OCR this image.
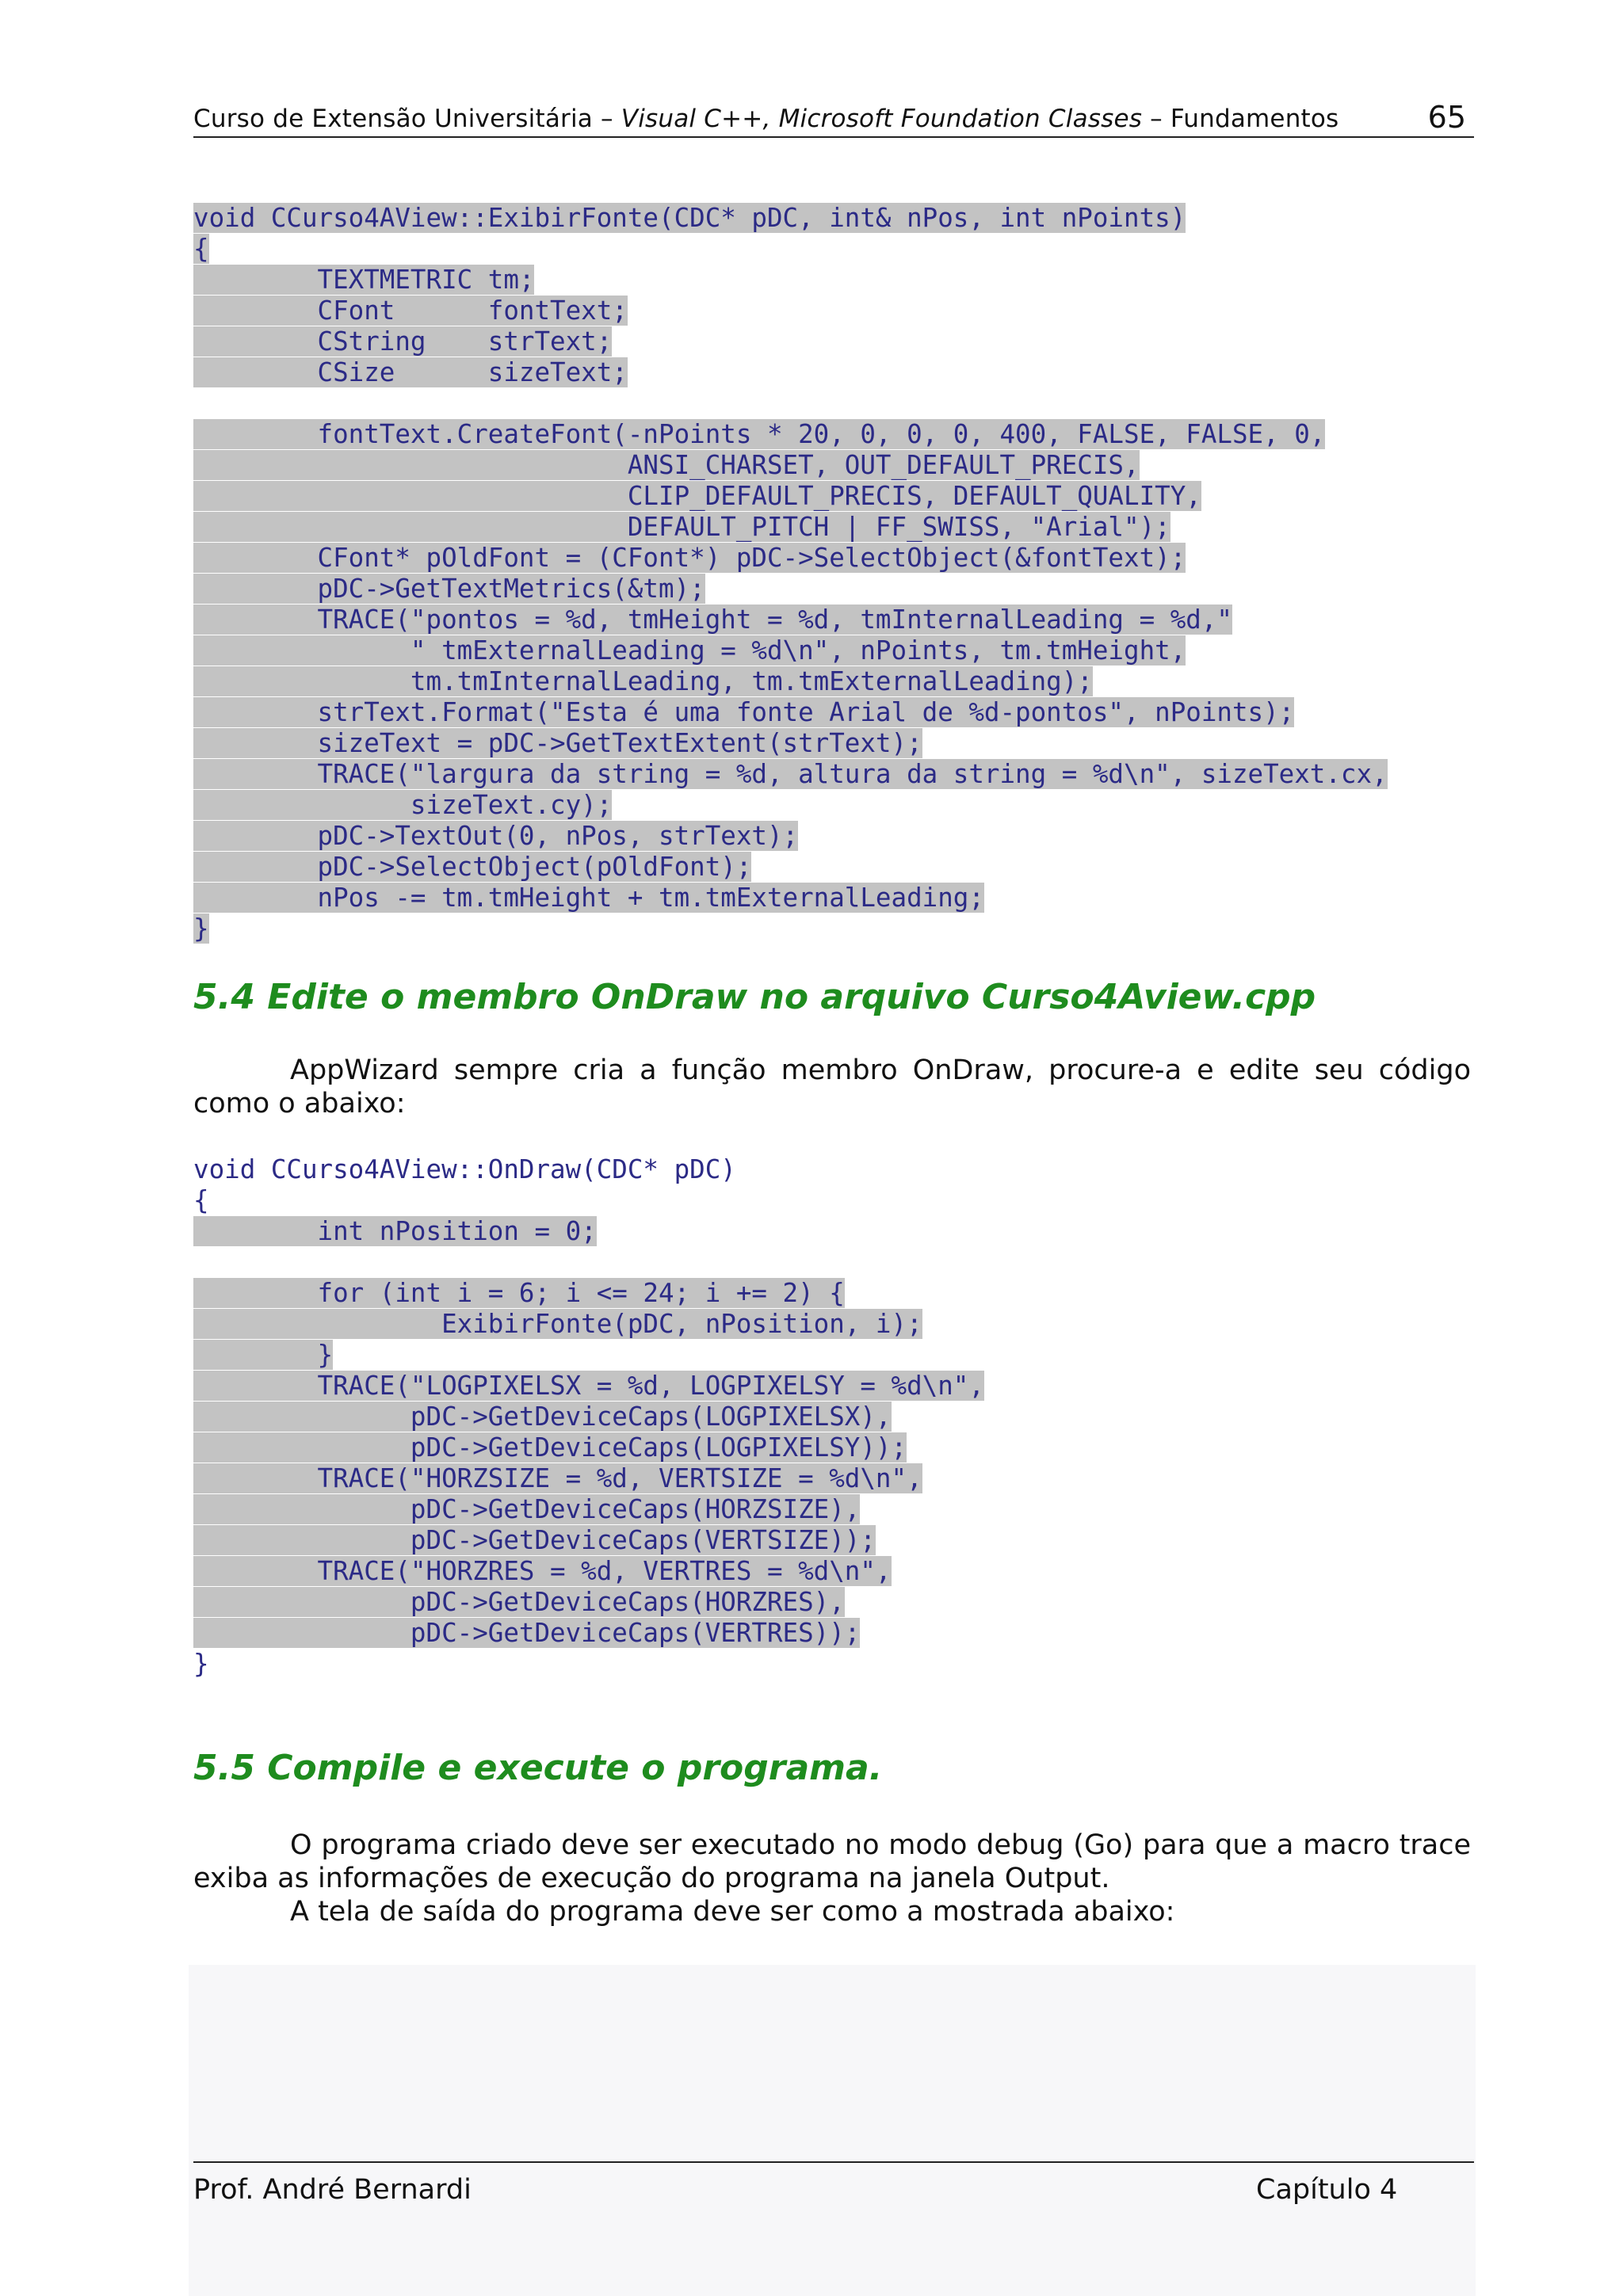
Curso de Extensão Universitária – Visual C++, Microsoft Foundation Classes – Fundamentos	65
void CCurso4AView::ExibirFonte(CDC* pDC, int& nPos, int nPoints)
{
TEXTMETRIC tm;
CFont      fontText;
CString    strText;
CSize      sizeText;
fontText.CreateFont(-nPoints * 20, 0, 0, 0, 400, FALSE, FALSE, 0,
ANSI_CHARSET, OUT_DEFAULT_PRECIS,
CLIP_DEFAULT_PRECIS, DEFAULT_QUALITY,
DEFAULT_PITCH | FF_SWISS, "Arial");
CFont* pOldFont = (CFont*) pDC->SelectObject(&fontText);
pDC->GetTextMetrics(&tm);
TRACE("pontos = %d, tmHeight = %d, tmInternalLeading = %d,"
" tmExternalLeading = %d\n", nPoints, tm.tmHeight,
tm.tmInternalLeading, tm.tmExternalLeading);
strText.Format("Esta é uma fonte Arial de %d-pontos", nPoints);
sizeText = pDC->GetTextExtent(strText);
TRACE("largura da string = %d, altura da string = %d\n", sizeText.cx,
sizeText.cy);
pDC->TextOut(0, nPos, strText);
pDC->SelectObject(pOldFont);
nPos -= tm.tmHeight + tm.tmExternalLeading;
}
5.4 Edite o membro OnDraw no arquivo Curso4Aview.cpp

AppWizard sempre cria a função membro OnDraw, procure-a e edite seu código como o abaixo:

void CCurso4AView::OnDraw(CDC* pDC)
{
int nPosition = 0;
for (int i = 6; i <= 24; i += 2) {
ExibirFonte(pDC, nPosition, i);
}
TRACE("LOGPIXELSX = %d, LOGPIXELSY = %d\n",
pDC->GetDeviceCaps(LOGPIXELSX),
pDC->GetDeviceCaps(LOGPIXELSY));
TRACE("HORZSIZE = %d, VERTSIZE = %d\n",
pDC->GetDeviceCaps(HORZSIZE),
pDC->GetDeviceCaps(VERTSIZE));
TRACE("HORZRES = %d, VERTRES = %d\n",
pDC->GetDeviceCaps(HORZRES),
pDC->GetDeviceCaps(VERTRES));
}
5.5 Compile e execute o programa.

O programa criado deve ser executado no modo debug (Go) para que a macro trace exiba as informações de execução do programa na janela Output.

A tela de saída do programa deve ser como a mostrada abaixo:

Prof. André Bernardi	Capítulo 4
